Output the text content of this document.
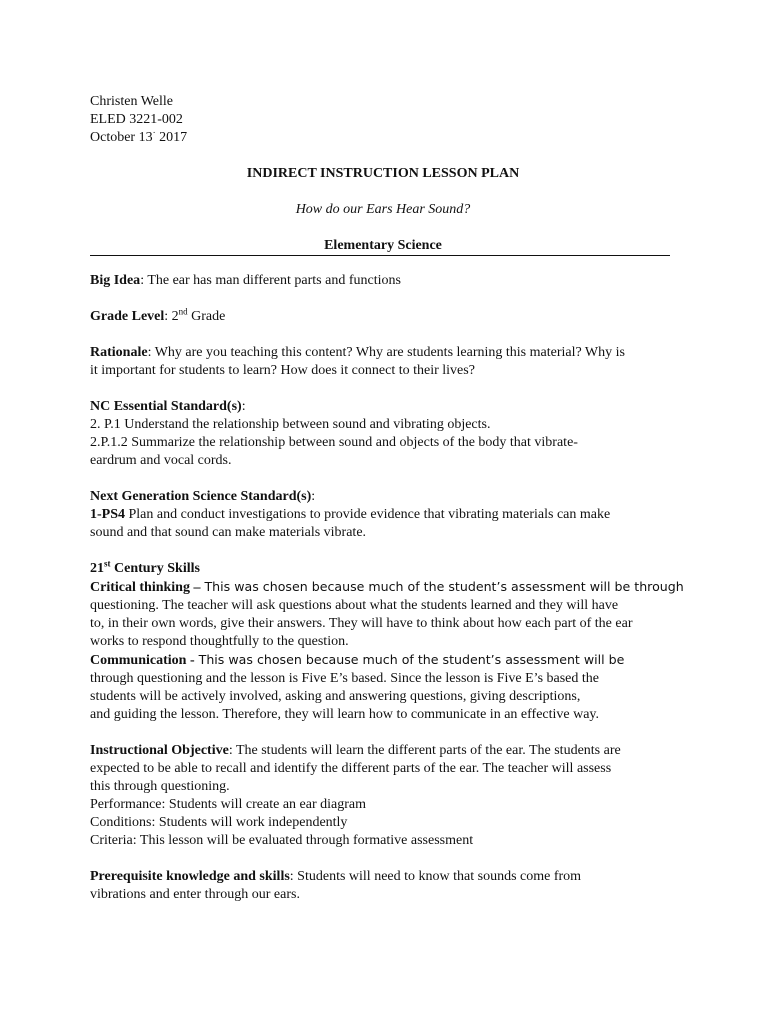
Christen Welle
ELED 3221-002
October 13· 2017
INDIRECT INSTRUCTION LESSON PLAN
How do our Ears Hear Sound?
Elementary Science
Big Idea: The ear has man different parts and functions
Grade Level: 2nd Grade
Rationale: Why are you teaching this content? Why are students learning this material? Why is
it important for students to learn? How does it connect to their lives?
NC Essential Standard(s):
2. P.1 Understand the relationship between sound and vibrating objects.
2.P.1.2 Summarize the relationship between sound and objects of the body that vibrate-
eardrum and vocal cords.
Next Generation Science Standard(s):
1-PS4 Plan and conduct investigations to provide evidence that vibrating materials can make
sound and that sound can make materials vibrate.
21st Century Skills
Critical thinking – This was chosen because much of the student’s assessment will be through
questioning. The teacher will ask questions about what the students learned and they will have
to, in their own words, give their answers. They will have to think about how each part of the ear
works to respond thoughtfully to the question.
Communication - This was chosen because much of the student’s assessment will be
through questioning and the lesson is Five E’s based. Since the lesson is Five E’s based the
students will be actively involved, asking and answering questions, giving descriptions,
and guiding the lesson. Therefore, they will learn how to communicate in an effective way.
Instructional Objective: The students will learn the different parts of the ear. The students are
expected to be able to recall and identify the different parts of the ear. The teacher will assess
this through questioning.
Performance: Students will create an ear diagram
Conditions: Students will work independently
Criteria: This lesson will be evaluated through formative assessment
Prerequisite knowledge and skills: Students will need to know that sounds come from
vibrations and enter through our ears.
